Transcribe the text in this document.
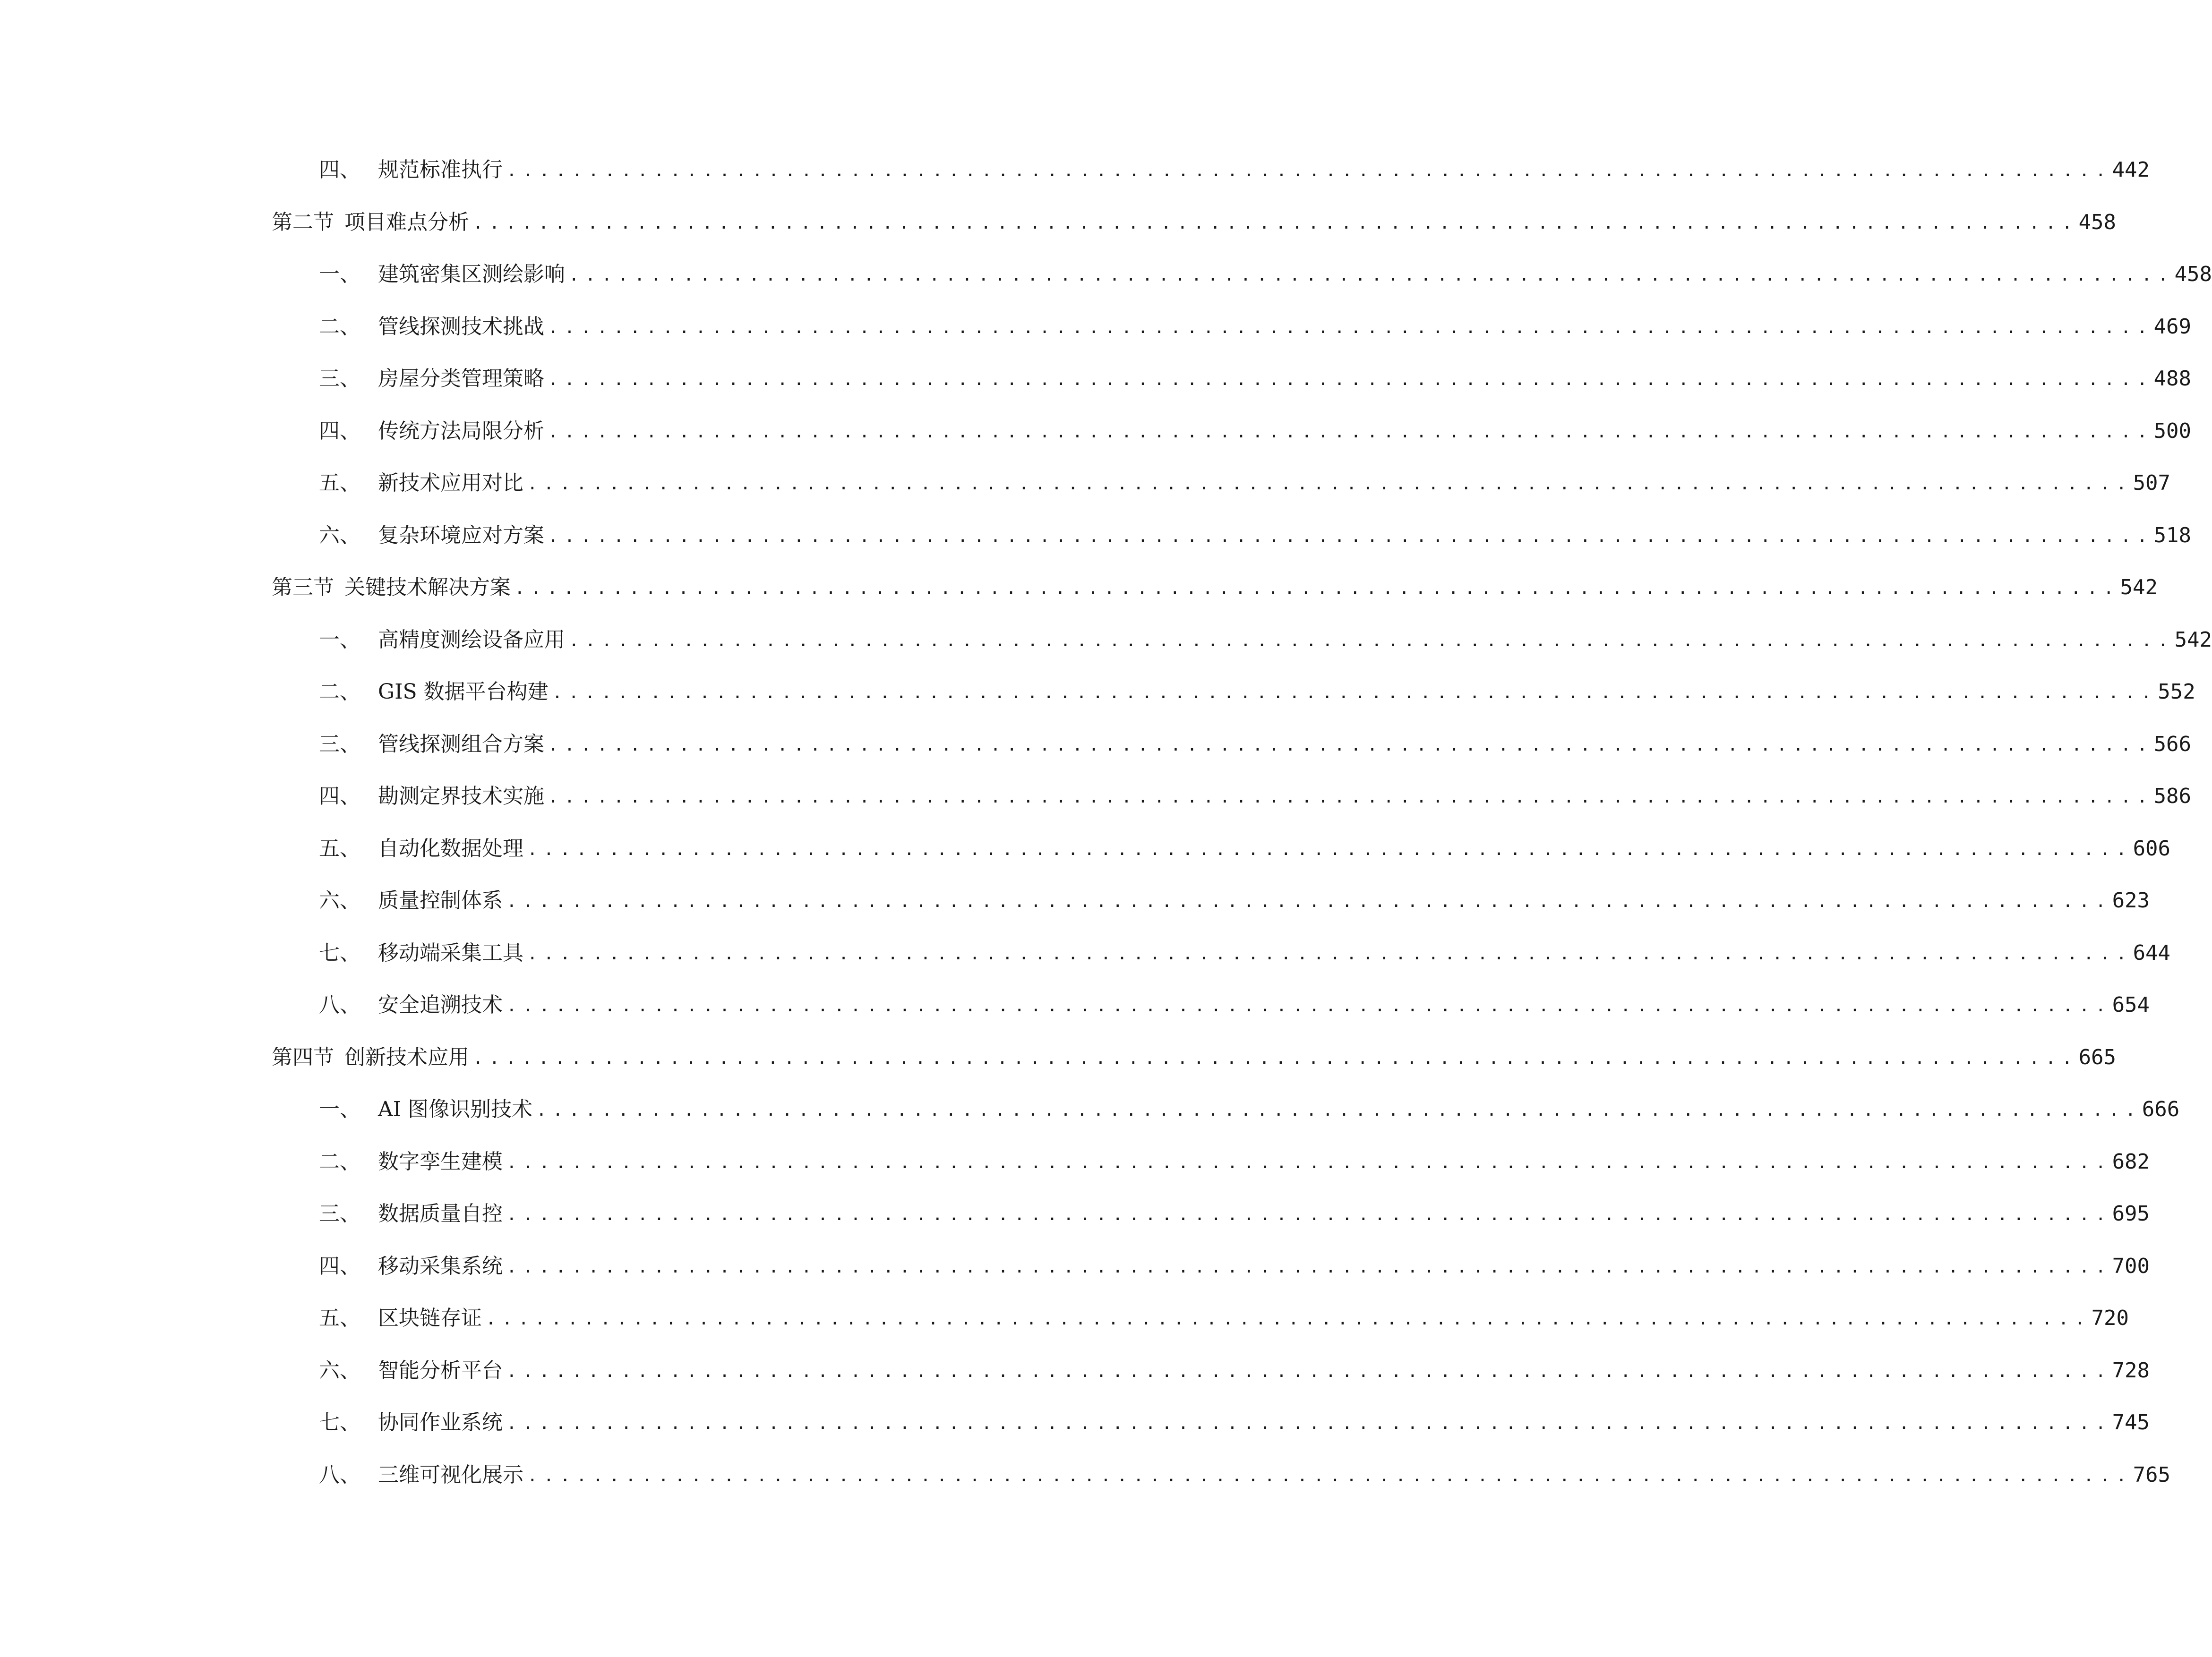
四、 规范标准执行 .................................................................................................. 442
第二节 项目难点分析 .................................................................................................. 458
一、 建筑密集区测绘影响 .................................................................................................. 458
二、 管线探测技术挑战 .................................................................................................. 469
三、 房屋分类管理策略 .................................................................................................. 488
四、 传统方法局限分析 .................................................................................................. 500
五、 新技术应用对比 .................................................................................................. 507
六、 复杂环境应对方案 .................................................................................................. 518
第三节 关键技术解决方案 .................................................................................................. 542
一、 高精度测绘设备应用 .................................................................................................. 542
二、 GIS 数据平台构建 .................................................................................................. 552
三、 管线探测组合方案 .................................................................................................. 566
四、 勘测定界技术实施 .................................................................................................. 586
五、 自动化数据处理 .................................................................................................. 606
六、 质量控制体系 .................................................................................................. 623
七、 移动端采集工具 .................................................................................................. 644
八、 安全追溯技术 .................................................................................................. 654
第四节 创新技术应用 .................................................................................................. 665
一、 AI 图像识别技术 .................................................................................................. 666
二、 数字孪生建模 .................................................................................................. 682
三、 数据质量自控 .................................................................................................. 695
四、 移动采集系统 .................................................................................................. 700
五、 区块链存证 .................................................................................................. 720
六、 智能分析平台 .................................................................................................. 728
七、 协同作业系统 .................................................................................................. 745
八、 三维可视化展示 .................................................................................................. 765
